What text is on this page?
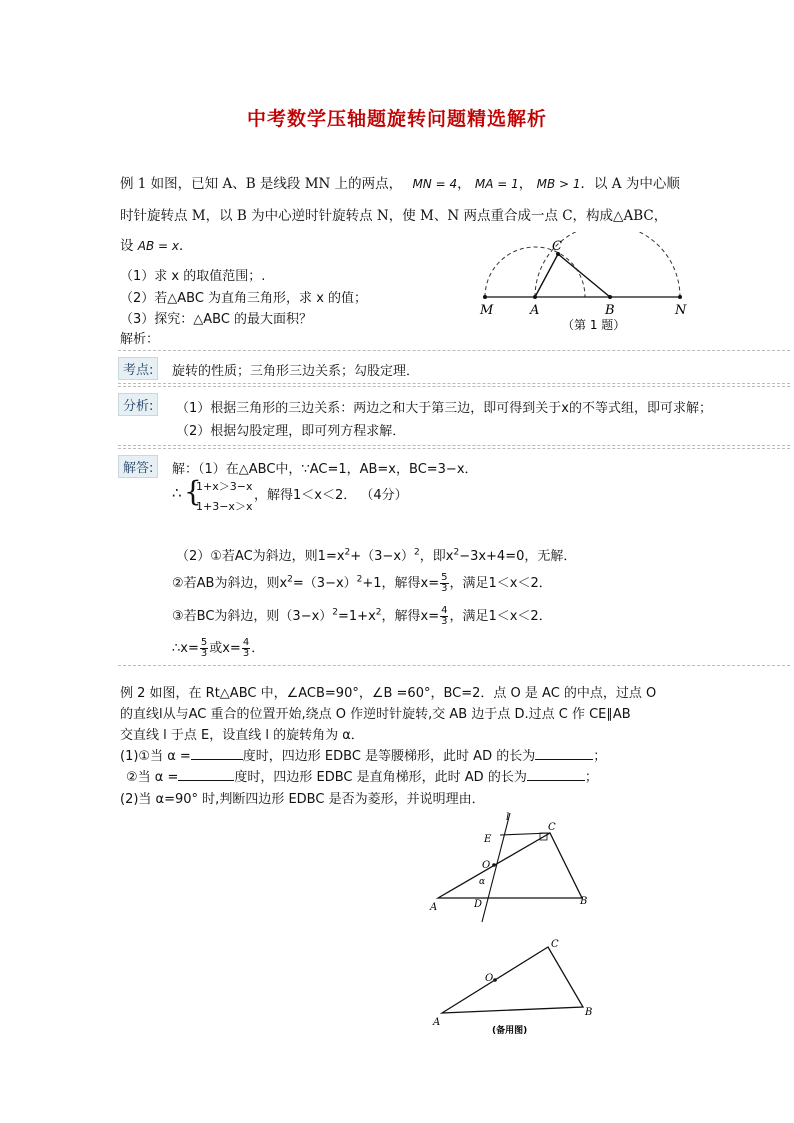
中考数学压轴题旋转问题精选解析
例 1 如图，已知 A、B 是线段 MN 上的两点， MN = 4， MA = 1， MB > 1．以 A 为中心顺
时针旋转点 M，以 B 为中心逆时针旋转点 N，使 M、N 两点重合成一点 C，构成△ABC，
设 AB = x．
（1）求 x 的取值范围；.
（2）若△ABC 为直角三角形，求 x 的值；
（3）探究：△ABC 的最大面积？
解析：
C
M	A	B	N
（第 1 题）
考点:	旋转的性质；三角形三边关系；勾股定理．
分析:	（1）根据三角形的三边关系：两边之和大于第三边，即可得到关于x的不等式组，即可求解；
（2）根据勾股定理，即可列方程求解．
解答:	解：（1）在△ABC中，∵AC=1，AB=x，BC=3−x．
∴ {
1+x＞3−x
1+3−x＞x
，解得1＜x＜2． （4分）
（2）①若AC为斜边，则$1=x^2+(3-x)^2$，即$x^2-3x+4=0$，无解．
②若AB为斜边，则$x^2=(3-x)^2+1$，解得$x= \frac{5}{3}$ ，满足1＜x＜2．
③若BC为斜边，则$(3-x)^2=1+x^2$，解得$x= \frac{4}{3}$ ，满足1＜x＜2．
∴x= $\frac{5}{3}$ 或$x= \frac{4}{3}$ ．
例 2 如图，在 Rt△ABC 中，∠ACB=90°，∠B =60°，BC=2．点 O 是 AC 的中点，过点 O
的直线l从与AC 重合的位置开始,绕点 O 作逆时针旋转,交 AB 边于点 D.过点 C 作 CE∥AB
交直线 l 于点 E，设直线 l 的旋转角为 α．
(1)①当 α =	度时，四边形 EDBC 是等腰梯形，此时 AD 的长为	；
②当 α =	度时，四边形 EDBC 是直角梯形，此时 AD 的长为	；
(2)当 α=90° 时,判断四边形 EDBC 是否为菱形，并说明理由．
l
E
C
O
α
A	D	B
C
O
A
B
(备用图)
